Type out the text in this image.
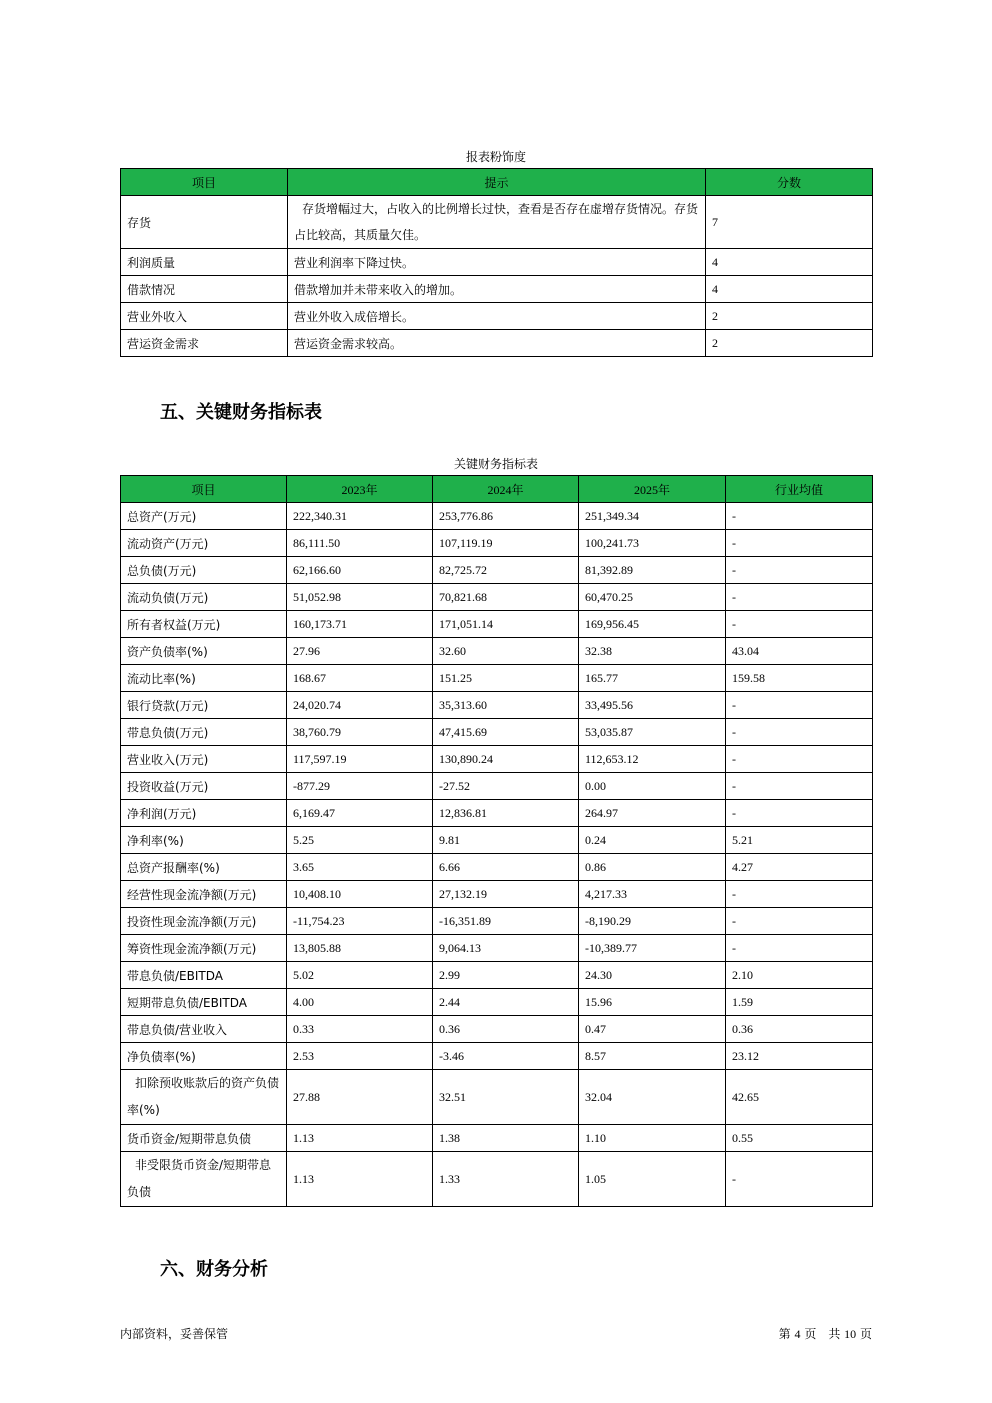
报表粉饰度
项目	提示	分数
存货	存货增幅过大，占收入的比例增长过快，查看是否存在虚增存货情况。存货占比较高，其质量欠佳。	7
利润质量	营业利润率下降过快。	4
借款情况	借款增加并未带来收入的增加。	4
营业外收入	营业外收入成倍增长。	2
营运资金需求	营运资金需求较高。	2
五、关键财务指标表
关键财务指标表
项目	2023年	2024年	2025年	行业均值
总资产(万元)	222,340.31	253,776.86	251,349.34	-
流动资产(万元)	86,111.50	107,119.19	100,241.73	-
总负债(万元)	62,166.60	82,725.72	81,392.89	-
流动负债(万元)	51,052.98	70,821.68	60,470.25	-
所有者权益(万元)	160,173.71	171,051.14	169,956.45	-
资产负债率(%)	27.96	32.60	32.38	43.04
流动比率(%)	168.67	151.25	165.77	159.58
银行贷款(万元)	24,020.74	35,313.60	33,495.56	-
带息负债(万元)	38,760.79	47,415.69	53,035.87	-
营业收入(万元)	117,597.19	130,890.24	112,653.12	-
投资收益(万元)	-877.29	-27.52	0.00	-
净利润(万元)	6,169.47	12,836.81	264.97	-
净利率(%)	5.25	9.81	0.24	5.21
总资产报酬率(%)	3.65	6.66	0.86	4.27
经营性现金流净额(万元)	10,408.10	27,132.19	4,217.33	-
投资性现金流净额(万元)	-11,754.23	-16,351.89	-8,190.29	-
筹资性现金流净额(万元)	13,805.88	9,064.13	-10,389.77	-
带息负债/EBITDA	5.02	2.99	24.30	2.10
短期带息负债/EBITDA	4.00	2.44	15.96	1.59
带息负债/营业收入	0.33	0.36	0.47	0.36
净负债率(%)	2.53	-3.46	8.57	23.12
扣除预收账款后的资产负债率(%)	27.88	32.51	32.04	42.65
货币资金/短期带息负债	1.13	1.38	1.10	0.55
非受限货币资金/短期带息负债	1.13	1.33	1.05	-
六、财务分析
内部资料，妥善保管	第 4 页　共 10 页
